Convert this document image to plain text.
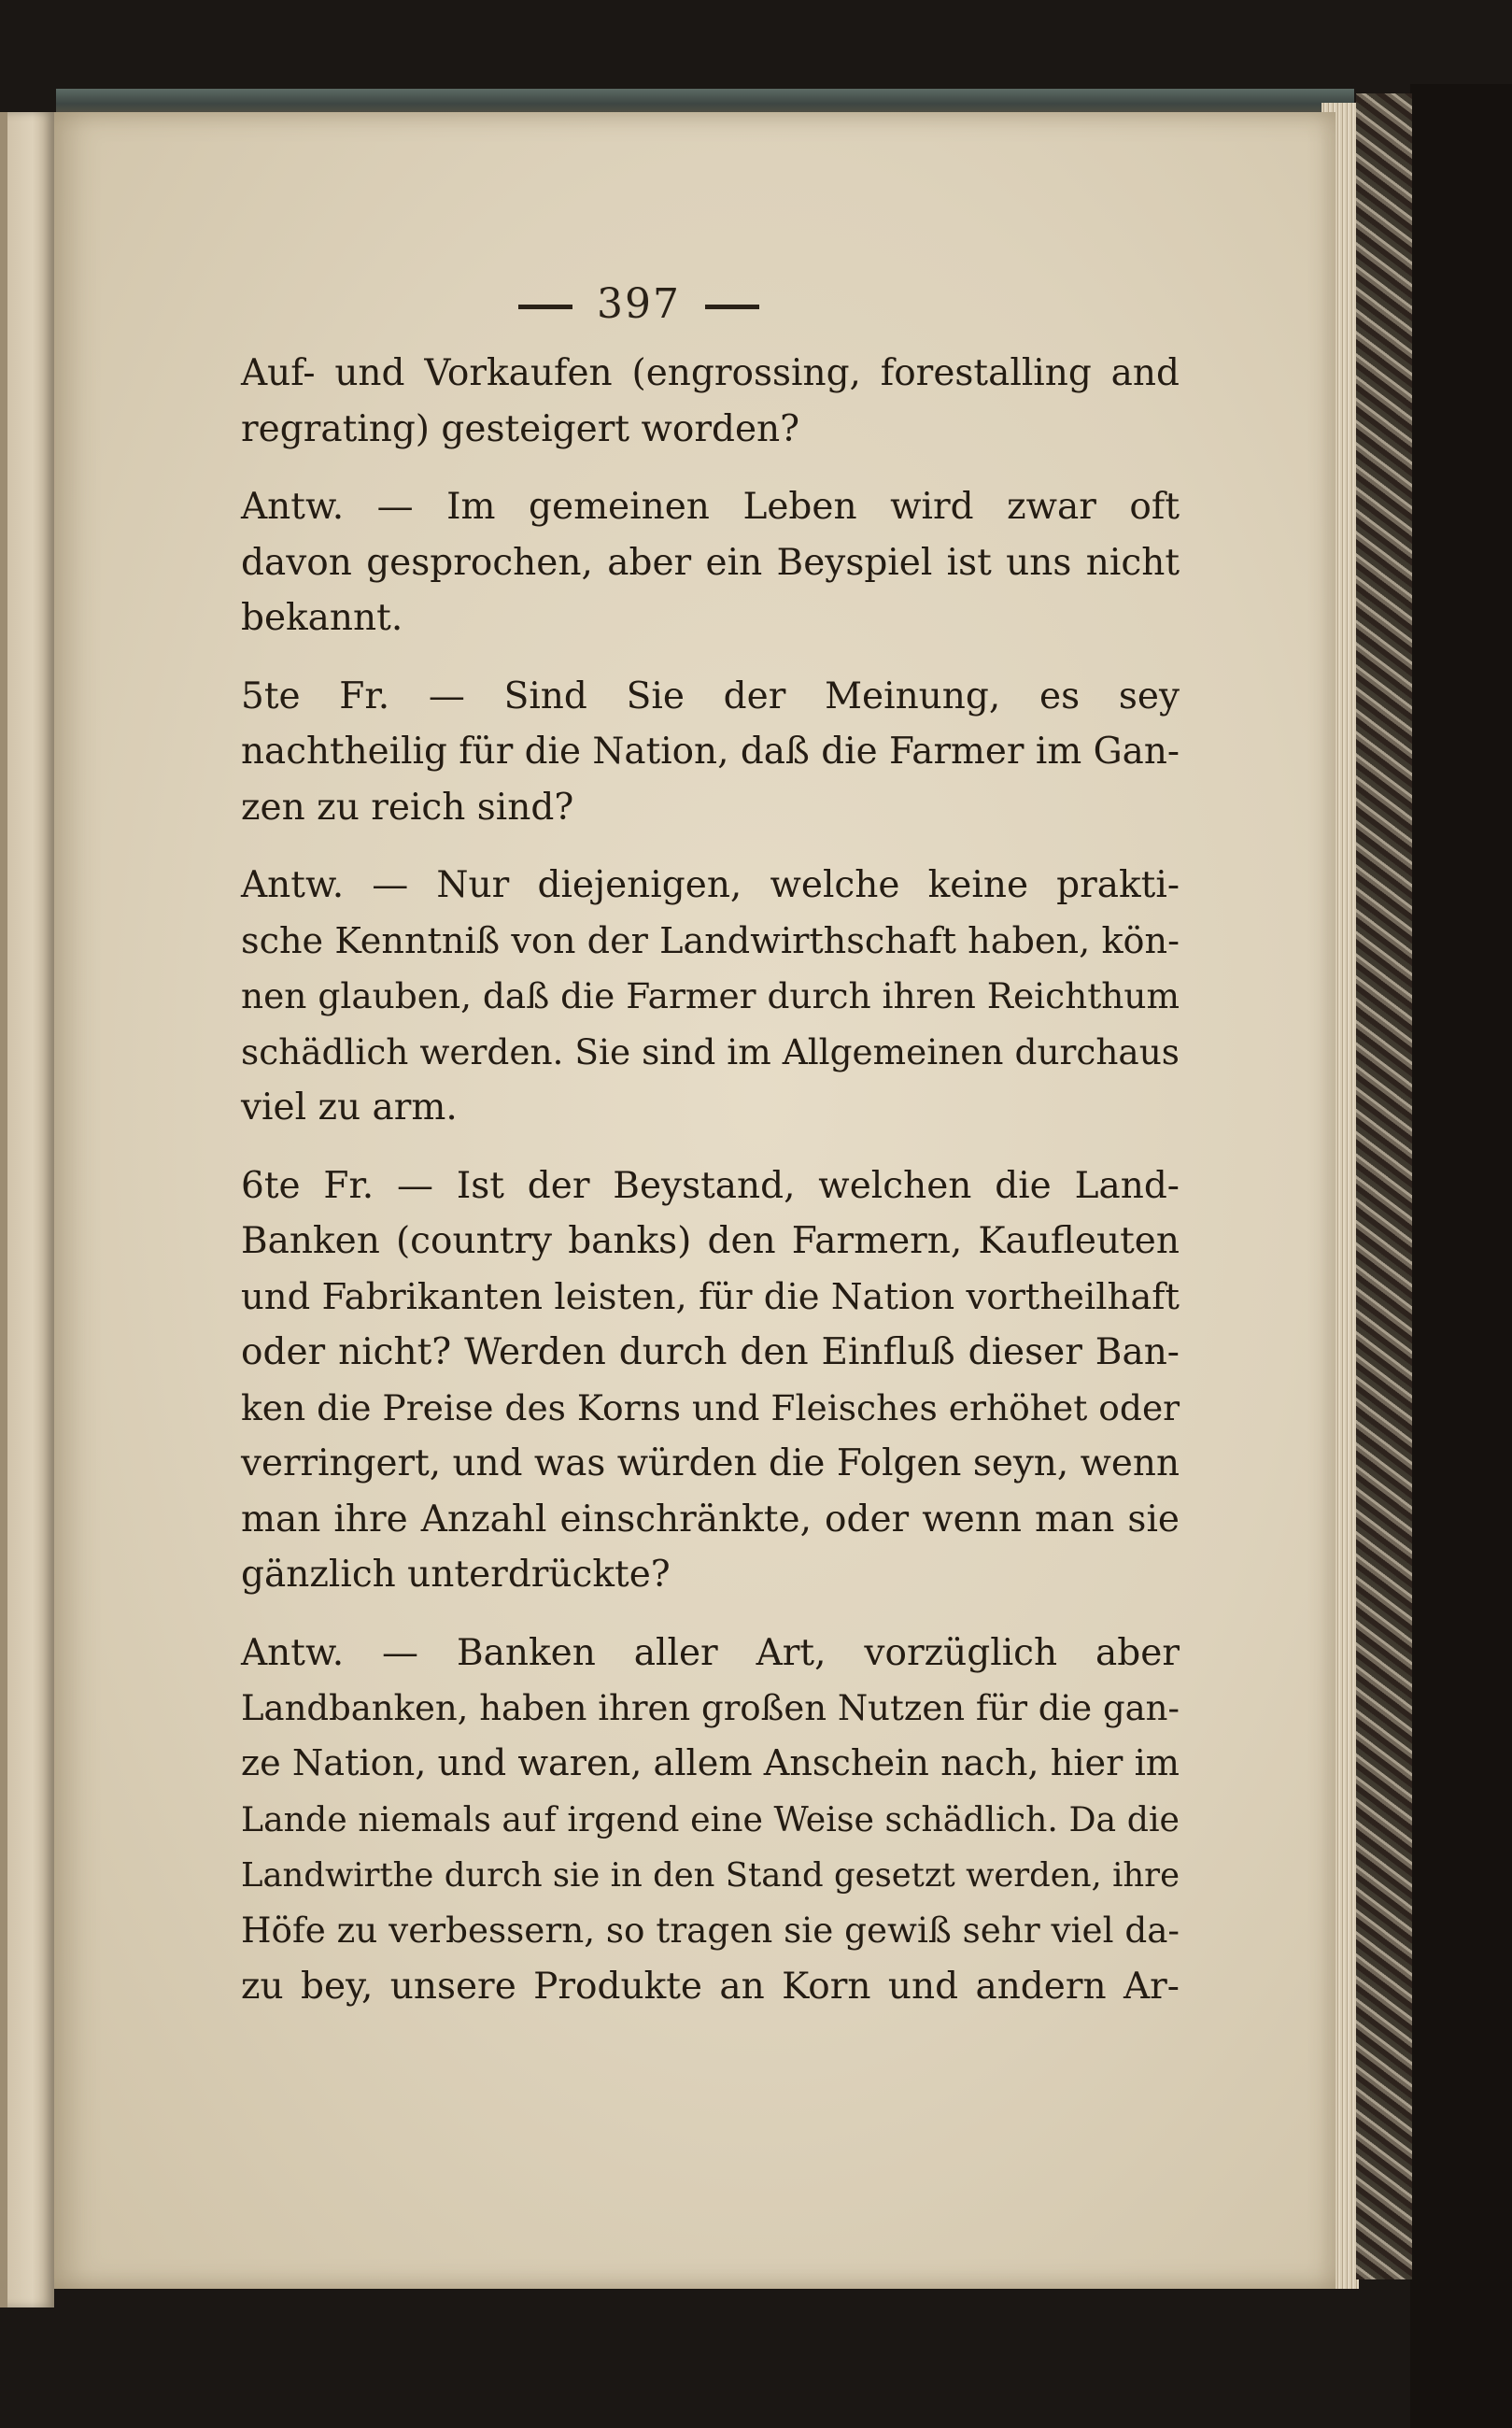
397
Auf- und Vorkaufen (engrossing, forestalling and
regrating) gesteigert worden?
Antw. — Im gemeinen Leben wird zwar oft
davon gesprochen, aber ein Beyspiel ist uns nicht
bekannt.
5te Fr. — Sind Sie der Meinung, es sey
nachtheilig für die Nation, daß die Farmer im Gan-
zen zu reich sind?
Antw. — Nur diejenigen, welche keine prakti-
sche Kenntniß von der Landwirthschaft haben, kön-
nen glauben, daß die Farmer durch ihren Reichthum
schädlich werden. Sie sind im Allgemeinen durchaus
viel zu arm.
6te Fr. — Ist der Beystand, welchen die Land-
Banken (country banks) den Farmern, Kaufleuten
und Fabrikanten leisten, für die Nation vortheilhaft
oder nicht? Werden durch den Einfluß dieser Ban-
ken die Preise des Korns und Fleisches erhöhet oder
verringert, und was würden die Folgen seyn, wenn
man ihre Anzahl einschränkte, oder wenn man sie
gänzlich unterdrückte?
Antw. — Banken aller Art, vorzüglich aber
Landbanken, haben ihren großen Nutzen für die gan-
ze Nation, und waren, allem Anschein nach, hier im
Lande niemals auf irgend eine Weise schädlich. Da die
Landwirthe durch sie in den Stand gesetzt werden, ihre
Höfe zu verbessern, so tragen sie gewiß sehr viel da-
zu bey, unsere Produkte an Korn und andern Ar-
